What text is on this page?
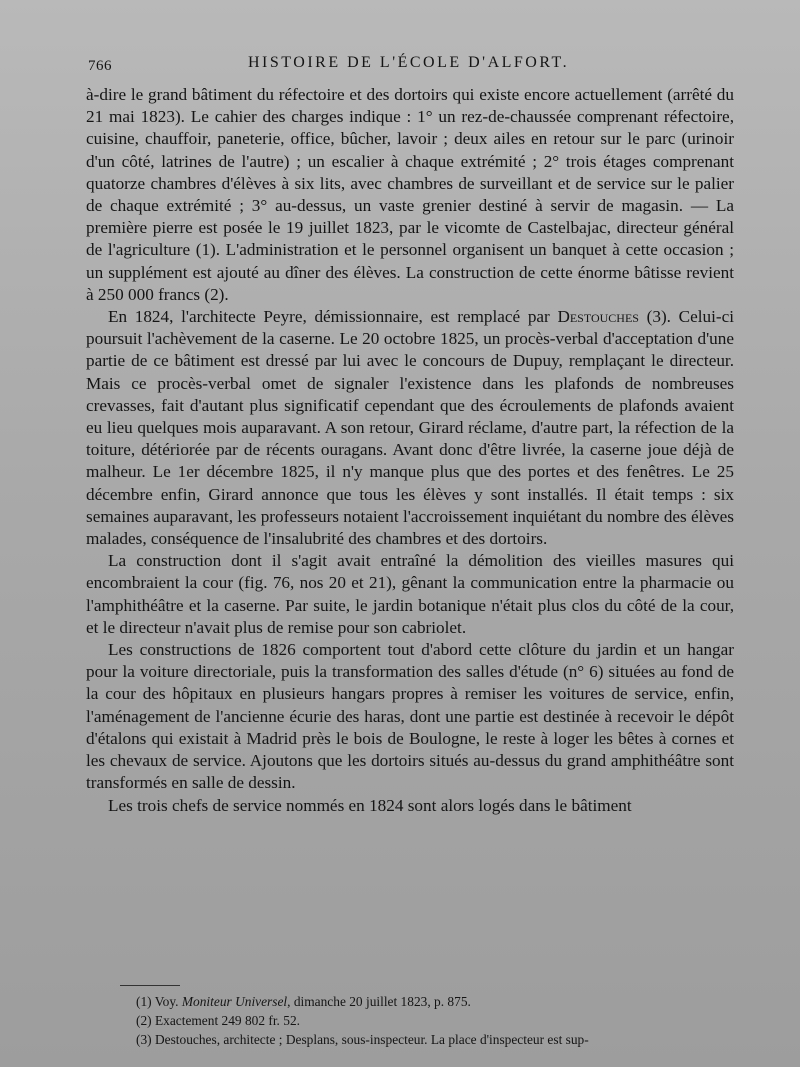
766	HISTOIRE DE L'ÉCOLE D'ALFORT.

à-dire le grand bâtiment du réfectoire et des dortoirs qui existe encore actuellement (arrêté du 21 mai 1823). Le cahier des charges indique : 1° un rez-de-chaussée comprenant réfectoire, cuisine, chauffoir, paneterie, office, bûcher, lavoir ; deux ailes en retour sur le parc (urinoir d'un côté, latrines de l'autre) ; un escalier à chaque extrémité ; 2° trois étages comprenant quatorze chambres d'élèves à six lits, avec chambres de surveillant et de service sur le palier de chaque extrémité ; 3° au-dessus, un vaste grenier destiné à servir de magasin. — La première pierre est posée le 19 juillet 1823, par le vicomte de Castelbajac, directeur général de l'agriculture (1). L'administration et le personnel organisent un banquet à cette occasion ; un supplément est ajouté au dîner des élèves. La construction de cette énorme bâtisse revient à 250 000 francs (2).

En 1824, l'architecte Peyre, démissionnaire, est remplacé par Destouches (3). Celui-ci poursuit l'achèvement de la caserne. Le 20 octobre 1825, un procès-verbal d'acceptation d'une partie de ce bâtiment est dressé par lui avec le concours de Dupuy, remplaçant le directeur. Mais ce procès-verbal omet de signaler l'existence dans les plafonds de nombreuses crevasses, fait d'autant plus significatif cependant que des écroulements de plafonds avaient eu lieu quelques mois auparavant. A son retour, Girard réclame, d'autre part, la réfection de la toiture, détériorée par de récents ouragans. Avant donc d'être livrée, la caserne joue déjà de malheur. Le 1er décembre 1825, il n'y manque plus que des portes et des fenêtres. Le 25 décembre enfin, Girard annonce que tous les élèves y sont installés. Il était temps : six semaines auparavant, les professeurs notaient l'accroissement inquiétant du nombre des élèves malades, conséquence de l'insalubrité des chambres et des dortoirs.

La construction dont il s'agit avait entraîné la démolition des vieilles masures qui encombraient la cour (fig. 76, nos 20 et 21), gênant la communication entre la pharmacie ou l'amphithéâtre et la caserne. Par suite, le jardin botanique n'était plus clos du côté de la cour, et le directeur n'avait plus de remise pour son cabriolet.

Les constructions de 1826 comportent tout d'abord cette clôture du jardin et un hangar pour la voiture directoriale, puis la transformation des salles d'étude (n° 6) situées au fond de la cour des hôpitaux en plusieurs hangars propres à remiser les voitures de service, enfin, l'aménagement de l'ancienne écurie des haras, dont une partie est destinée à recevoir le dépôt d'étalons qui existait à Madrid près le bois de Boulogne, le reste à loger les bêtes à cornes et les chevaux de service. Ajoutons que les dortoirs situés au-dessus du grand amphithéâtre sont transformés en salle de dessin.

Les trois chefs de service nommés en 1824 sont alors logés dans le bâtiment

(1) Voy. Moniteur Universel, dimanche 20 juillet 1823, p. 875.

(2) Exactement 249 802 fr. 52.

(3) Destouches, architecte ; Desplans, sous-inspecteur. La place d'inspecteur est sup-
